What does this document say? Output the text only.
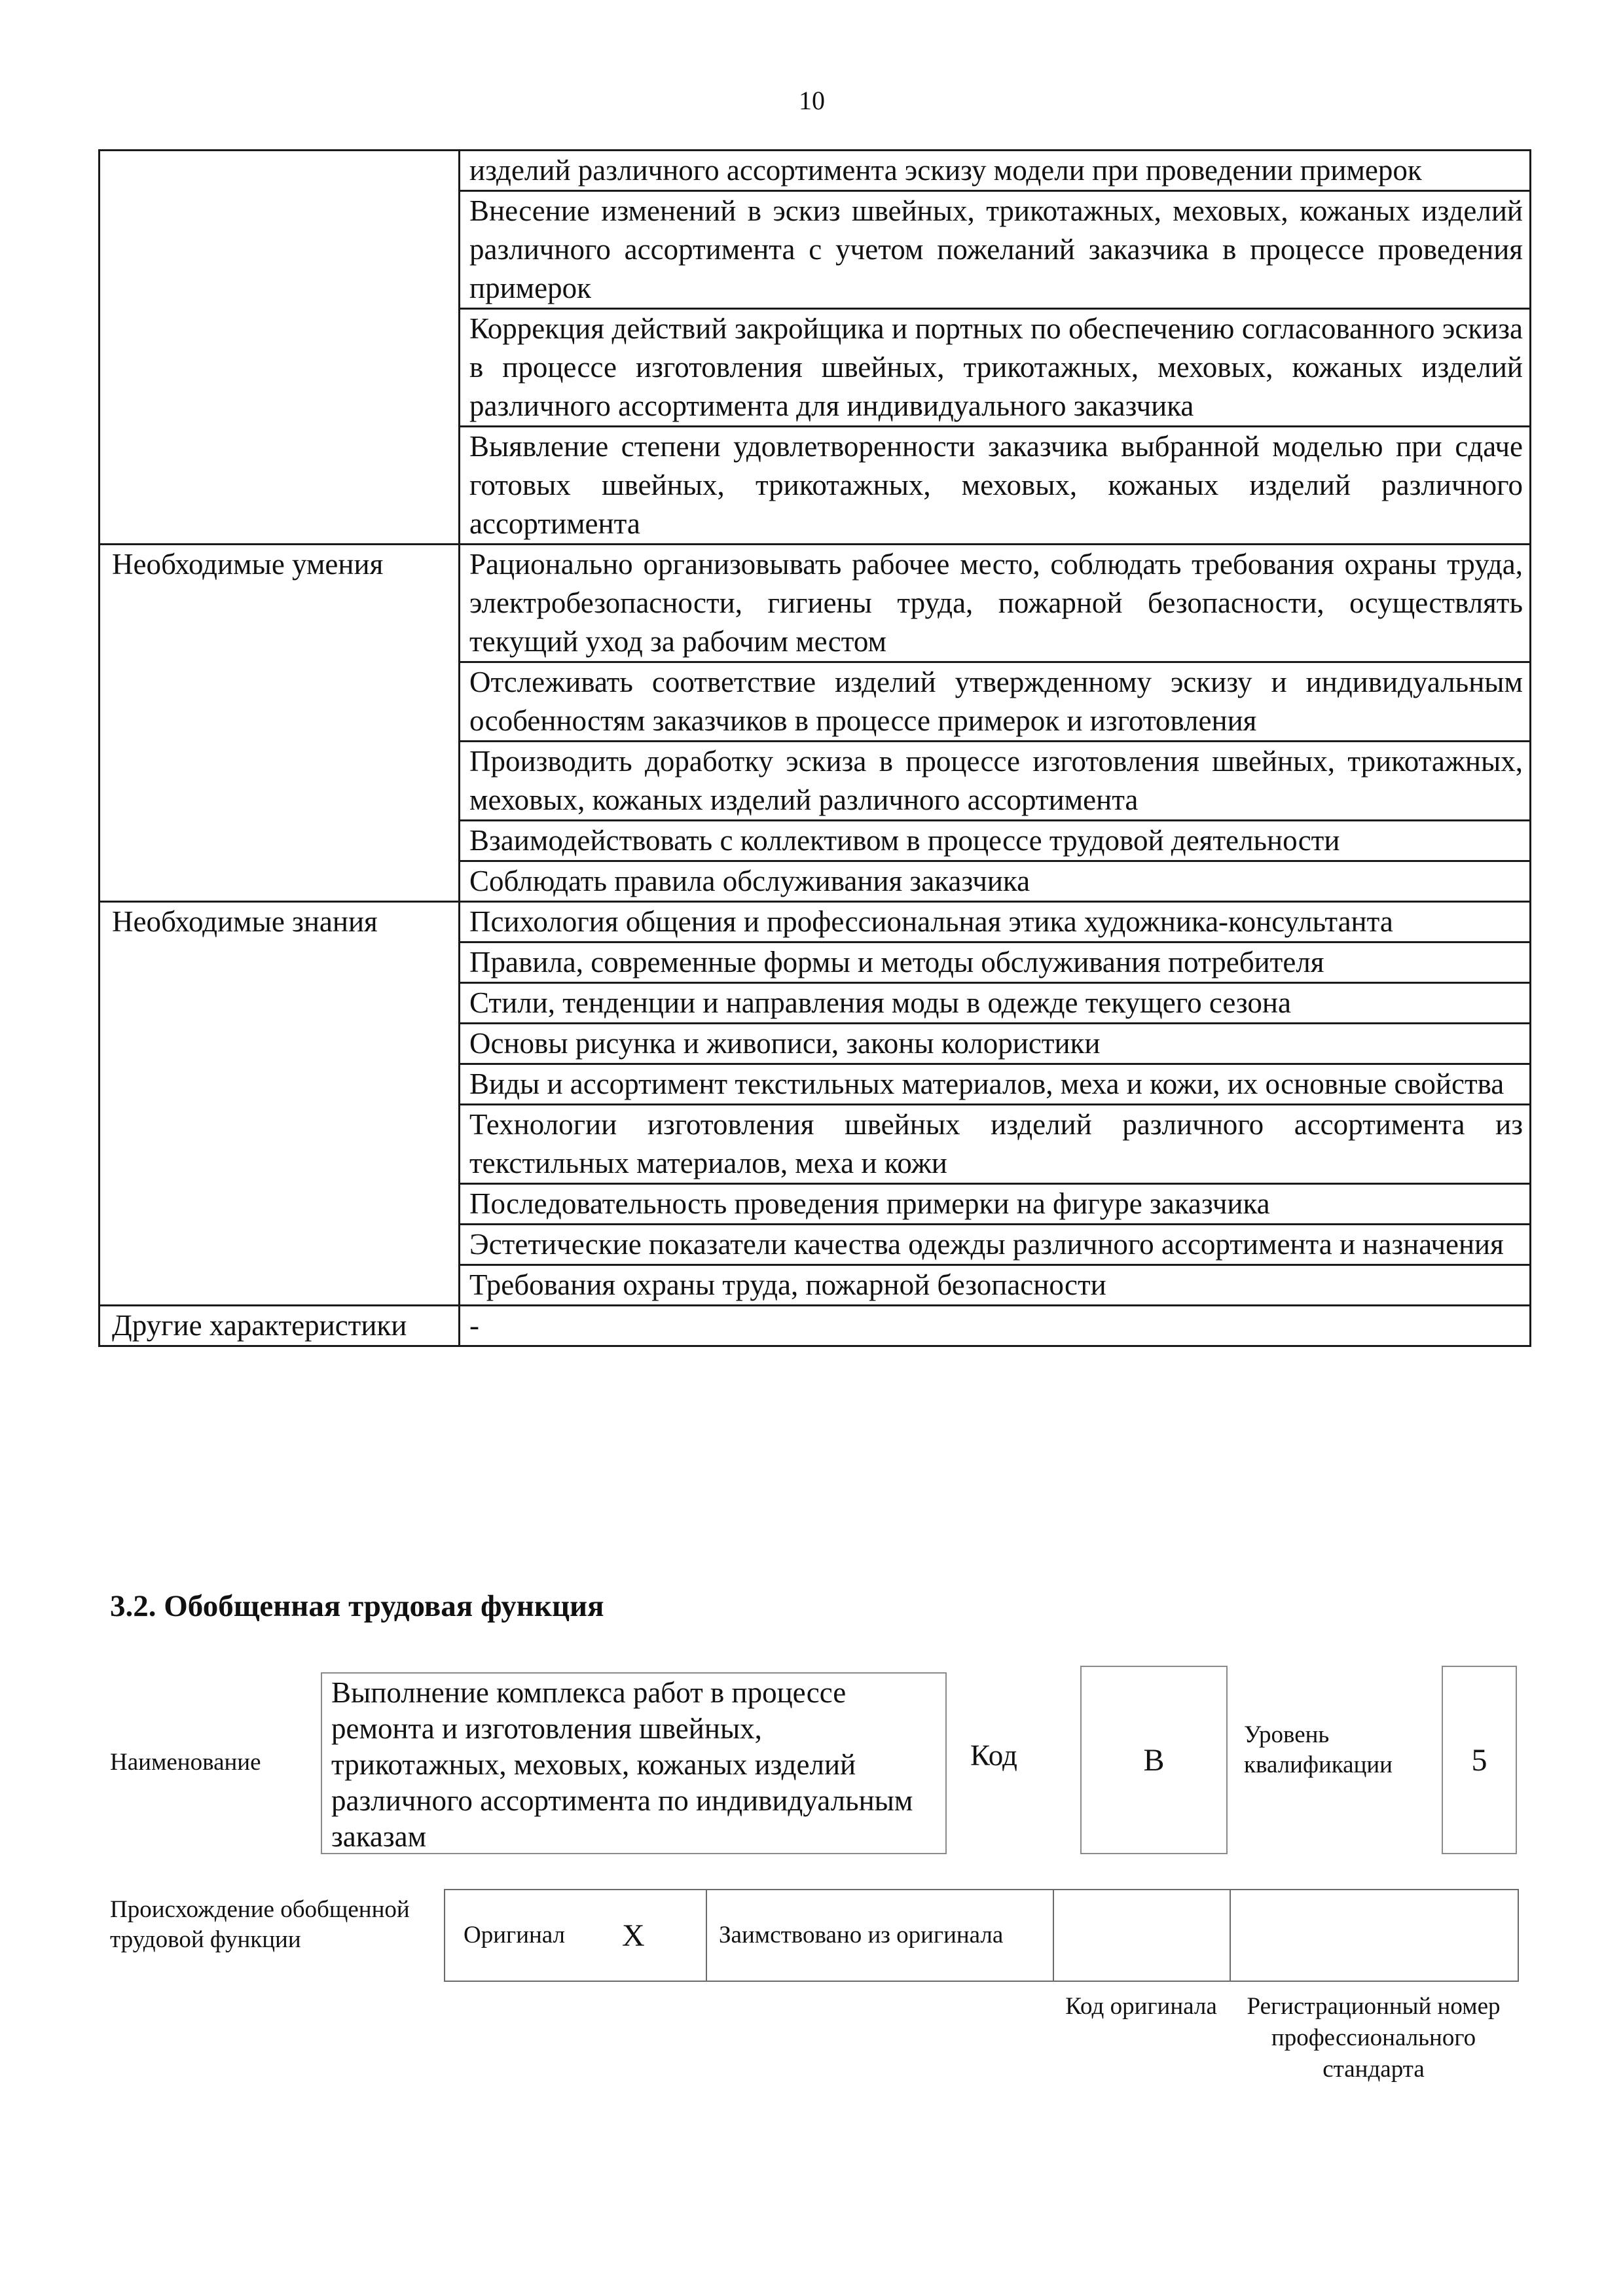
10
	изделий различного ассортимента эскизу модели при проведении примерок
	Внесение изменений в эскиз швейных, трикотажных, меховых, кожаных изделий различного ассортимента с учетом пожеланий заказчика в процессе проведения примерок
	Коррекция действий закройщика и портных по обеспечению согласованного эскиза в процессе изготовления швейных, трикотажных, меховых, кожаных изделий различного ассортимента для индивидуального заказчика
	Выявление степени удовлетворенности заказчика выбранной моделью при сдаче готовых швейных, трикотажных, меховых, кожаных изделий различного ассортимента
Необходимые умения	Рационально организовывать рабочее место, соблюдать требования охраны труда, электробезопасности, гигиены труда, пожарной безопасности, осуществлять текущий уход за рабочим местом
	Отслеживать соответствие изделий утвержденному эскизу и индивидуальным особенностям заказчиков в процессе примерок и изготовления
	Производить доработку эскиза в процессе изготовления швейных, трикотажных, меховых, кожаных изделий различного ассортимента
	Взаимодействовать с коллективом в процессе трудовой деятельности
	Соблюдать правила обслуживания заказчика
Необходимые знания	Психология общения и профессиональная этика художника-консультанта
	Правила, современные формы и методы обслуживания потребителя
	Стили, тенденции и направления моды в одежде текущего сезона
	Основы рисунка и живописи, законы колористики
	Виды и ассортимент текстильных материалов, меха и кожи, их основные свойства
	Технологии изготовления швейных изделий различного ассортимента из текстильных материалов, меха и кожи
	Последовательность проведения примерки на фигуре заказчика
	Эстетические показатели качества одежды различного ассортимента и назначения
	Требования охраны труда, пожарной безопасности
Другие характеристики	-
3.2. Обобщенная трудовая функция
Наименование
Выполнение комплекса работ в процессе ремонта и изготовления швейных, трикотажных, меховых, кожаных изделий различного ассортимента по индивидуальным заказам
Код	В
Уровень квалификации	5
Происхождение обобщенной трудовой функции	Оригинал	Х	Заимствовано из оригинала		
Код оригинала	Регистрационный номер профессионального стандарта
